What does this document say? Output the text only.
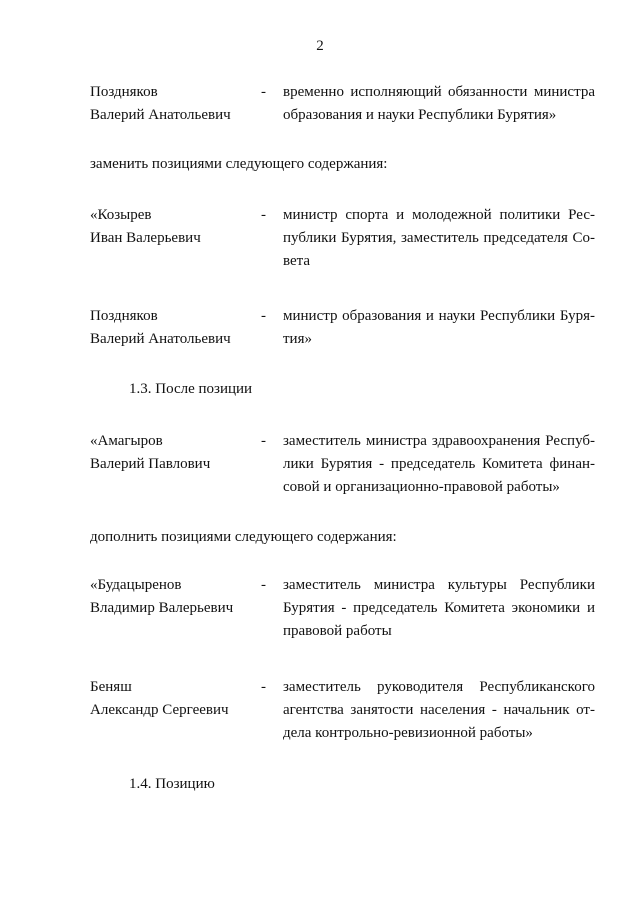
2
Поздняков
Валерий Анатольевич
- временно исполняющий обязанности министра
образования и науки Республики Бурятия»
заменить позициями следующего содержания:
«Козырев
Иван Валерьевич
- министр спорта и молодежной политики Рес-
публики Бурятия, заместитель председателя Со-
вета
Поздняков
Валерий Анатольевич
- министр образования и науки Республики Буря-
тия»
1.3. После позиции
«Амагыров
Валерий Павлович
- заместитель министра здравоохранения Респуб-
лики Бурятия - председатель Комитета финан-
совой и организационно-правовой работы»
дополнить позициями следующего содержания:
«Будацыренов
Владимир Валерьевич
- заместитель министра культуры Республики
Бурятия - председатель Комитета экономики и
правовой работы
Беняш
Александр Сергеевич
- заместитель руководителя Республиканского
агентства занятости населения - начальник от-
дела контрольно-ревизионной работы»
1.4. Позицию
